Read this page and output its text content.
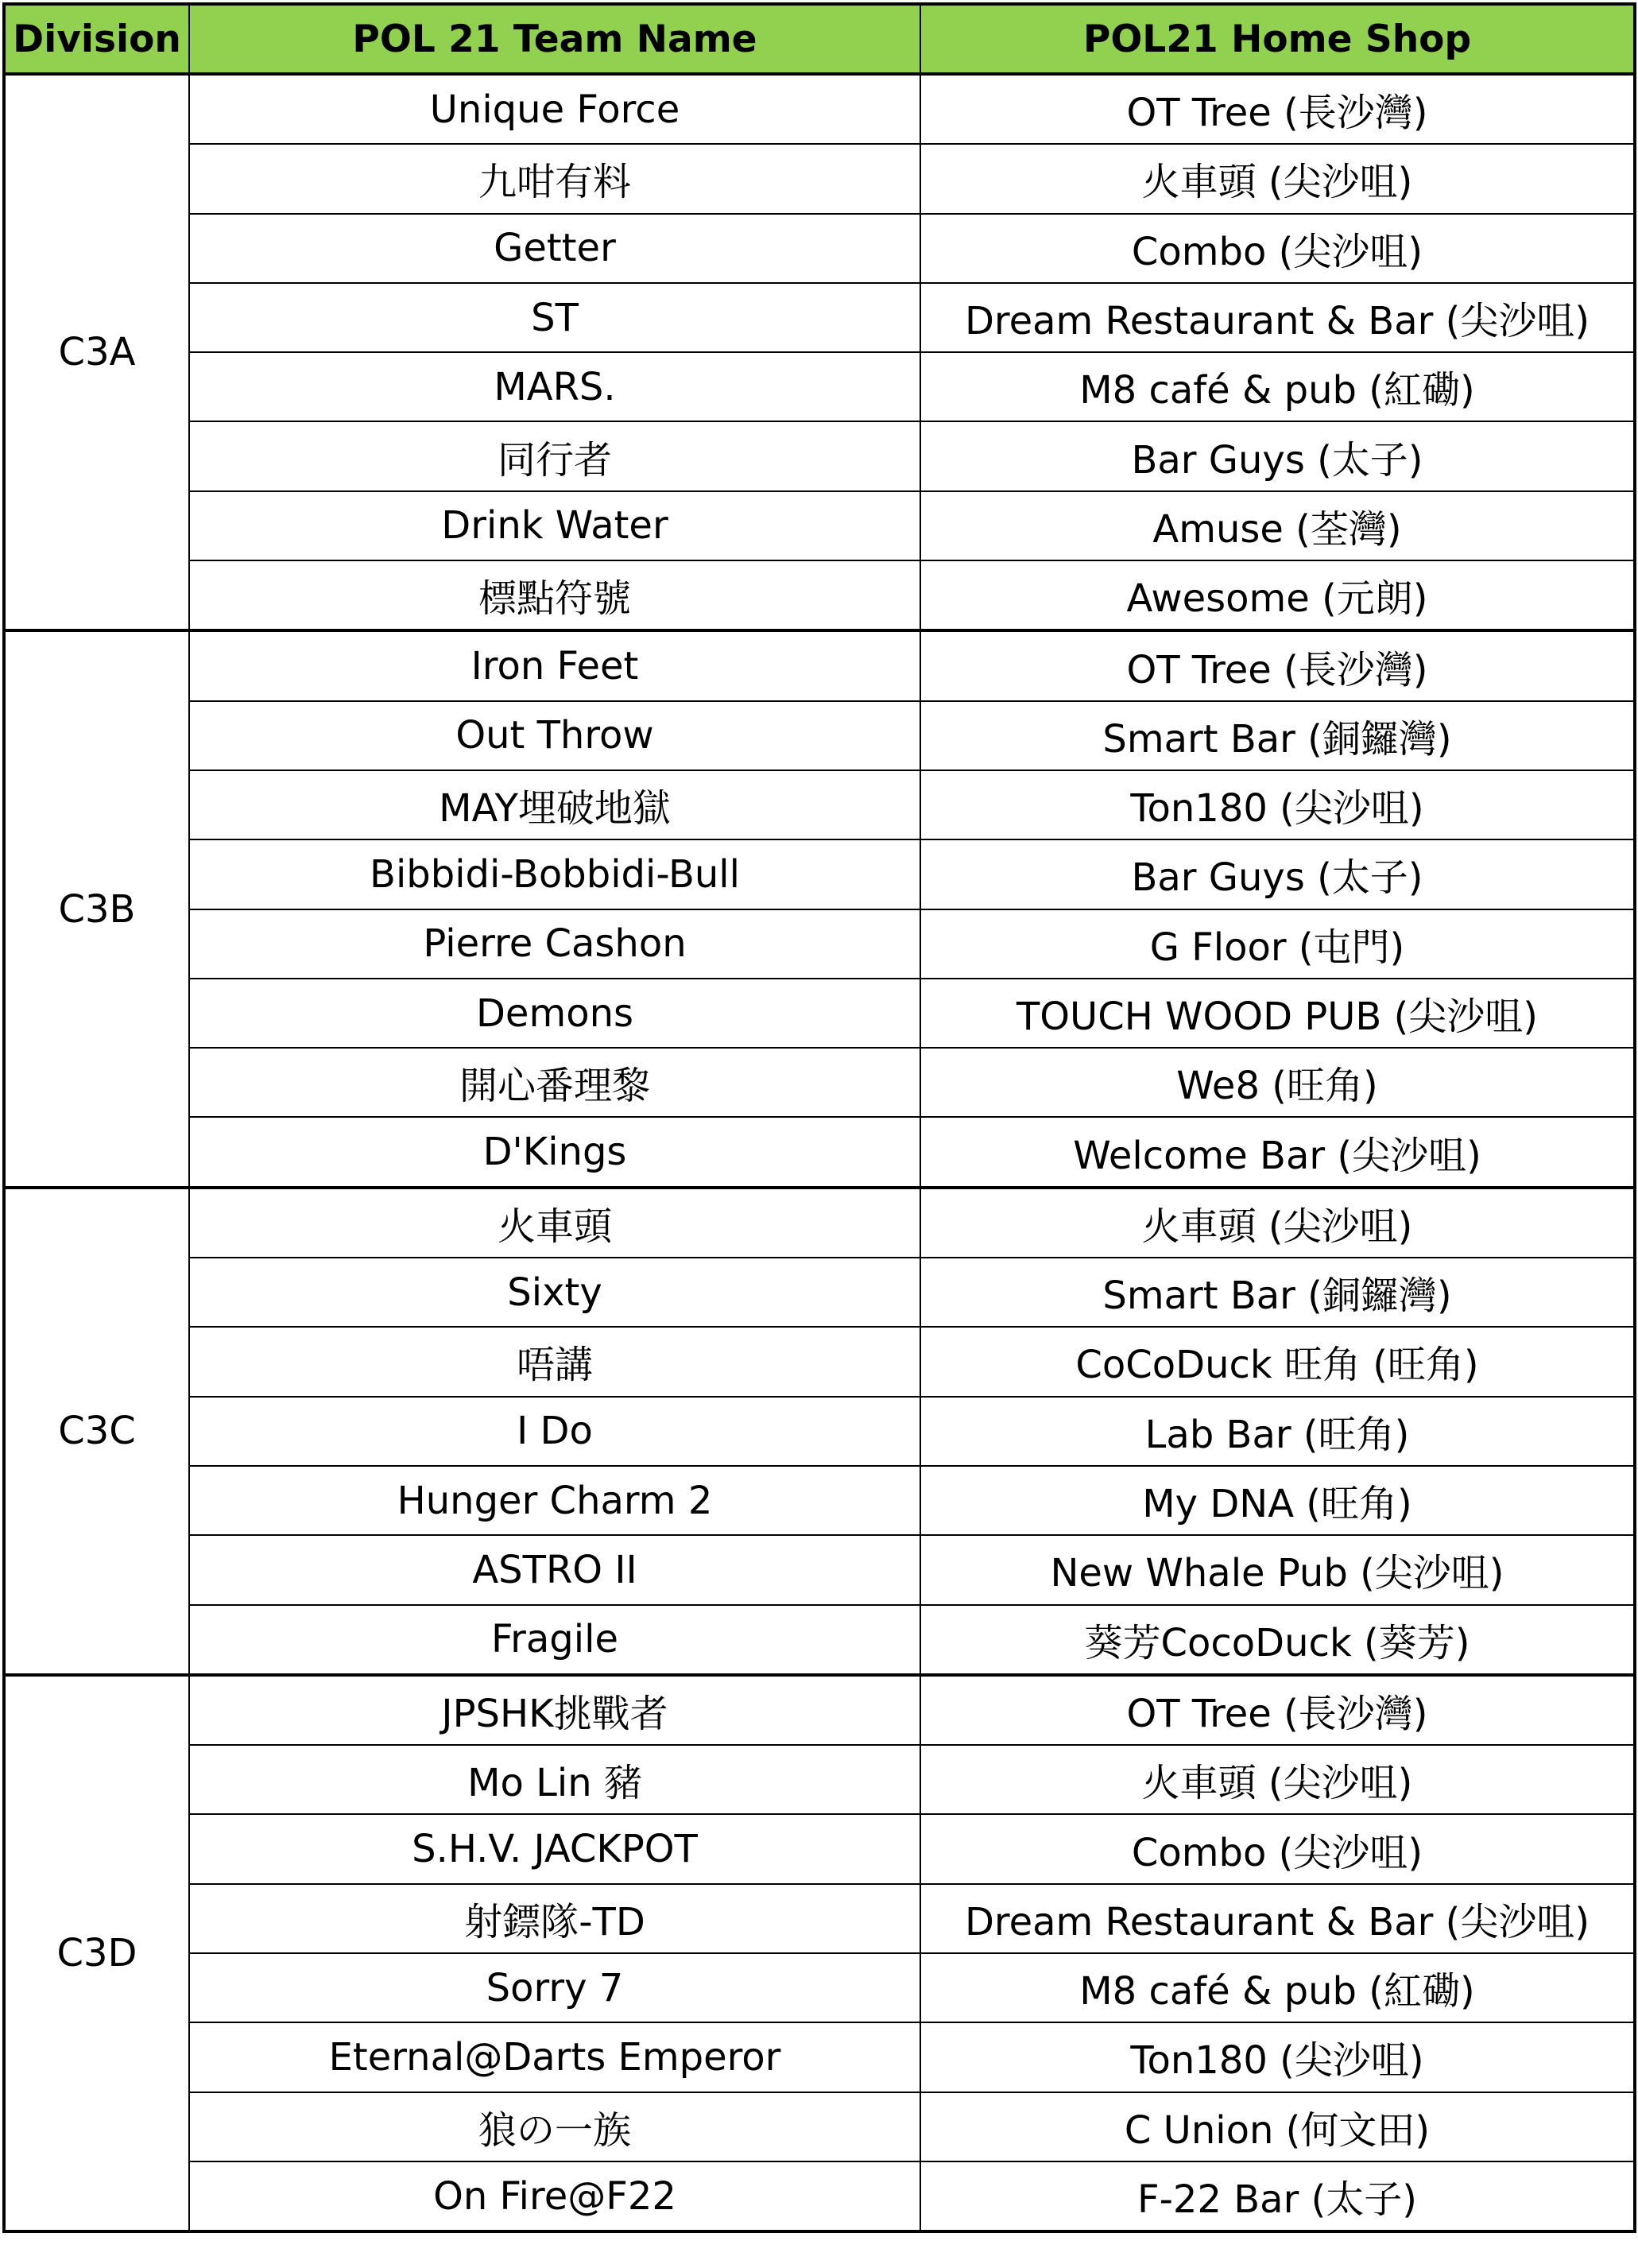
Division	POL 21 Team Name	POL21 Home Shop
C3A	Unique Force	OT Tree (長沙灣)
	九咁有料	火車頭 (尖沙咀)
	Getter	Combo (尖沙咀)
	ST	Dream Restaurant & Bar (尖沙咀)
	MARS.	M8 café & pub (紅磡)
	同行者	Bar Guys (太子)
	Drink Water	Amuse (荃灣)
	標點符號	Awesome (元朗)
C3B	Iron Feet	OT Tree (長沙灣)
	Out Throw	Smart Bar (銅鑼灣)
	MAY埋破地獄	Ton180 (尖沙咀)
	Bibbidi-Bobbidi-Bull	Bar Guys (太子)
	Pierre Cashon	G Floor (屯門)
	Demons	TOUCH WOOD PUB (尖沙咀)
	開心番理黎	We8 (旺角)
	D'Kings	Welcome Bar (尖沙咀)
C3C	火車頭	火車頭 (尖沙咀)
	Sixty	Smart Bar (銅鑼灣)
	唔講	CoCoDuck 旺角 (旺角)
	I Do	Lab Bar (旺角)
	Hunger Charm 2	My DNA (旺角)
	ASTRO II	New Whale Pub (尖沙咀)
	Fragile	葵芳CocoDuck (葵芳)
C3D	JPSHK挑戰者	OT Tree (長沙灣)
	Mo Lin 豬	火車頭 (尖沙咀)
	S.H.V. JACKPOT	Combo (尖沙咀)
	射鏢隊-TD	Dream Restaurant & Bar (尖沙咀)
	Sorry 7	M8 café & pub (紅磡)
	Eternal@Darts Emperor	Ton180 (尖沙咀)
	狼の一族	C Union (何文田)
	On Fire@F22	F-22 Bar (太子)
